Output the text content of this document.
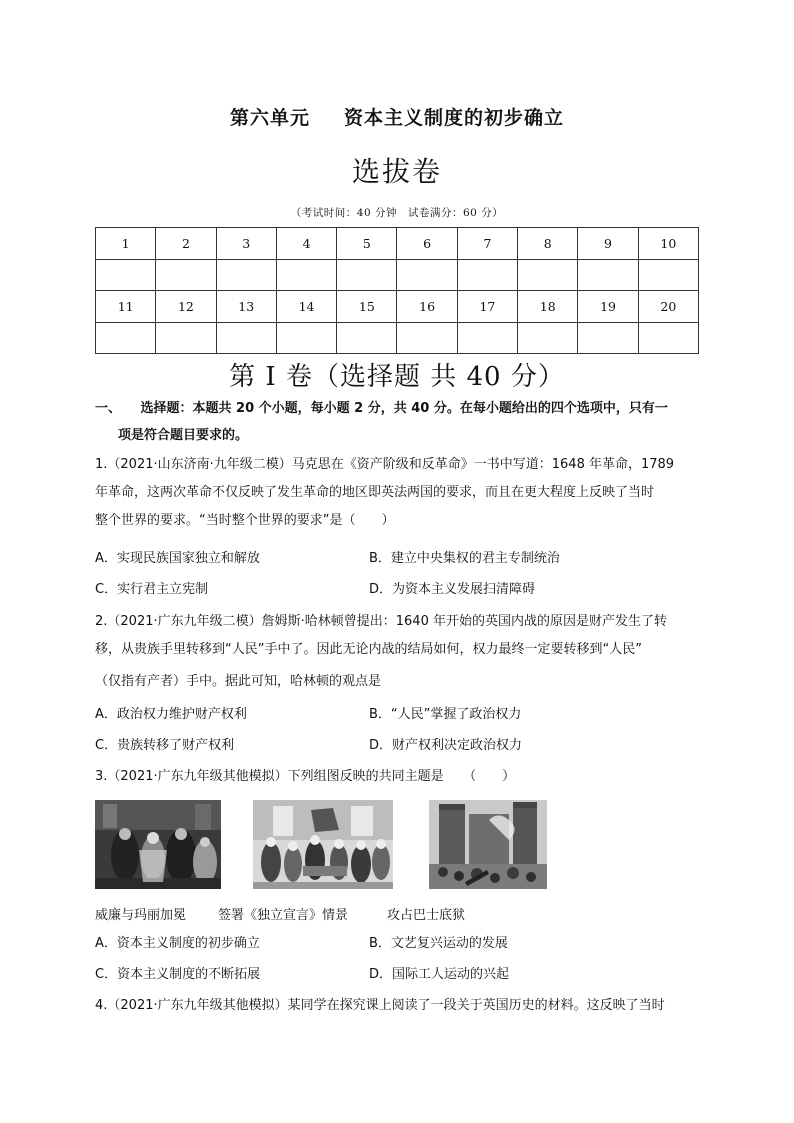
第六单元 资本主义制度的初步确立
选拔卷
（考试时间：40 分钟　试卷满分：60 分）
1	2	3	4	5	6	7	8	9	10

11	12	13	14	15	16	17	18	19	20

第 I 卷（选择题 共 40 分）
一、　　选择题：本题共 20 个小题，每小题 2 分，共 40 分。在每小题给出的四个选项中，只有一
项是符合题目要求的。
1.（2021·山东济南·九年级二模）马克思在《资产阶级和反革命》一书中写道：1648 年革命，1789
年革命，这两次革命不仅反映了发生革命的地区即英法两国的要求，而且在更大程度上反映了当时
整个世界的要求。“当时整个世界的要求”是（　　）
A．实现民族国家独立和解放	B．建立中央集权的君主专制统治
C．实行君主立宪制	D．为资本主义发展扫清障碍
2.（2021·广东九年级二模）詹姆斯·哈林顿曾提出：1640 年开始的英国内战的原因是财产发生了转
移，从贵族手里转移到“人民”手中了。因此无论内战的结局如何，权力最终一定要转移到“人民”
（仅指有产者）手中。据此可知，哈林顿的观点是
A．政治权力维护财产权利	B．“人民”掌握了政治权力
C．贵族转移了财产权利	D．财产权利决定政治权力
3.（2021·广东九年级其他模拟）下列组图反映的共同主题是　　（　　）
威廉与玛丽加冕 签署《独立宣言》情景	攻占巴士底狱
A．资本主义制度的初步确立	B．文艺复兴运动的发展
C．资本主义制度的不断拓展	D．国际工人运动的兴起
4.（2021·广东九年级其他模拟）某同学在探究课上阅读了一段关于英国历史的材料。这反映了当时
